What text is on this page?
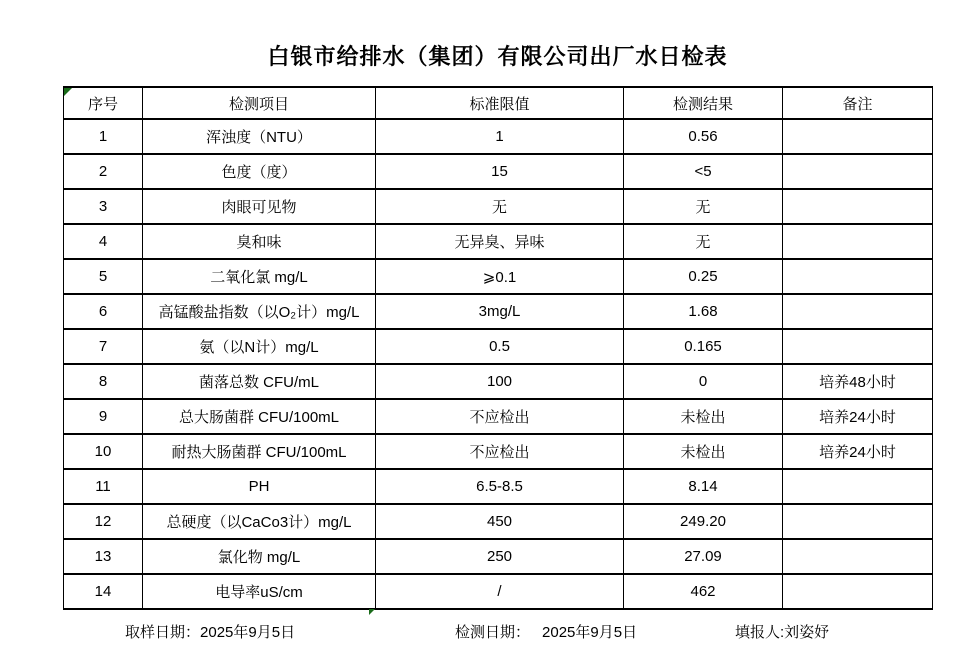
白银市给排水（集团）有限公司出厂水日检表
序号	检测项目	标准限值	检测结果	备注
1	浑浊度（NTU）	1	0.56	
2	色度（度）	15	<5	
3	肉眼可见物	无	无	
4	臭和味	无异臭、异味	无	
5	二氧化氯 mg/L	⩾0.1	0.25	
6	高锰酸盐指数（以O₂计）mg/L	3mg/L	1.68	
7	氨（以N计）mg/L	0.5	0.165	
8	菌落总数 CFU/mL	100	0	培养48小时
9	总大肠菌群 CFU/100mL	不应检出	未检出	培养24小时
10	耐热大肠菌群 CFU/100mL	不应检出	未检出	培养24小时
11	PH	6.5-8.5	8.14	
12	总硬度（以CaCo3计）mg/L	450	249.20	
13	氯化物 mg/L	250	27.09	
14	电导率uS/cm	/	462	
取样日期：2025年9月5日	检测日期： 2025年9月5日	填报人:刘姿妤
